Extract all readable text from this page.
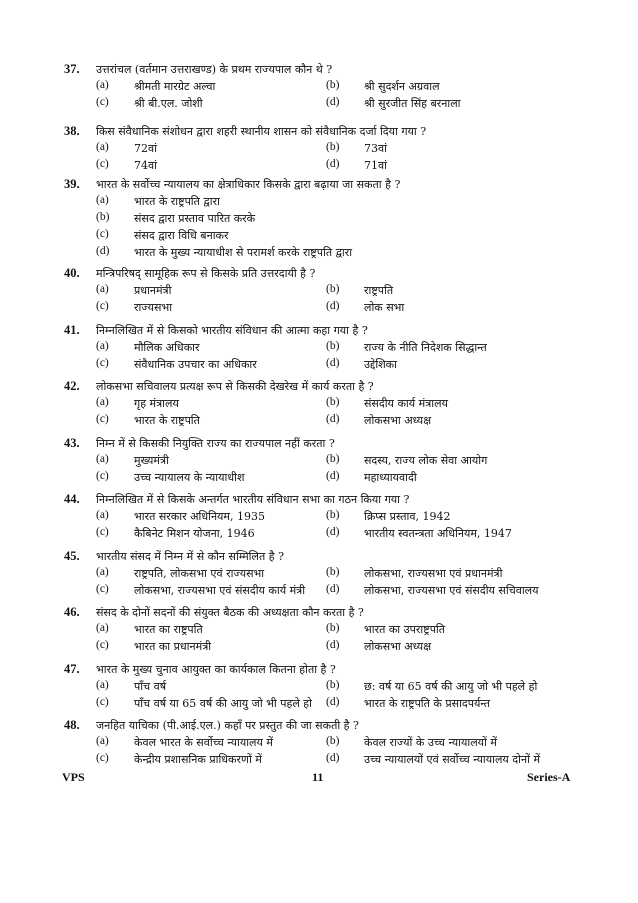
37. उत्तरांचल (वर्तमान उत्तराखण्ड) के प्रथम राज्यपाल कौन थे ?
(a) श्रीमती मारग्रेट अल्वा	(b) श्री सुदर्शन अग्रवाल
(c) श्री बी.एल. जोशी	(d) श्री सुरजीत सिंह बरनाला
38. किस संवैधानिक संशोधन द्वारा शहरी स्थानीय शासन को संवैधानिक दर्जा दिया गया ?
(a) 72वां	(b) 73वां
(c) 74वां	(d) 71वां
39. भारत के सर्वोच्च न्यायालय का क्षेत्राधिकार किसके द्वारा बढ़ाया जा सकता है ?
(a) भारत के राष्ट्रपति द्वारा
(b) संसद द्वारा प्रस्ताव पारित करके
(c) संसद द्वारा विधि बनाकर
(d) भारत के मुख्य न्यायाधीश से परामर्श करके राष्ट्रपति द्वारा
40. मन्त्रिपरिषद् सामूहिक रूप से किसके प्रति उत्तरदायी है ?
(a) प्रधानमंत्री	(b) राष्ट्रपति
(c) राज्यसभा	(d) लोक सभा
41. निम्नलिखित में से किसको भारतीय संविधान की आत्मा कहा गया है ?
(a) मौलिक अधिकार	(b) राज्य के नीति निदेशक सिद्धान्त
(c) संवैधानिक उपचार का अधिकार	(d) उद्देशिका
42. लोकसभा सचिवालय प्रत्यक्ष रूप से किसकी देखरेख में कार्य करता है ?
(a) गृह मंत्रालय	(b) संसदीय कार्य मंत्रालय
(c) भारत के राष्ट्रपति	(d) लोकसभा अध्यक्ष
43. निम्न में से किसकी नियुक्ति राज्य का राज्यपाल नहीं करता ?
(a) मुख्यमंत्री	(b) सदस्य, राज्य लोक सेवा आयोग
(c) उच्च न्यायालय के न्यायाधीश	(d) महाध्यायवादी
44. निम्नलिखित में से किसके अन्तर्गत भारतीय संविधान सभा का गठन किया गया ?
(a) भारत सरकार अधिनियम, 1935	(b) क्रिप्स प्रस्ताव, 1942
(c) कैबिनेट मिशन योजना, 1946	(d) भारतीय स्वतन्त्रता अधिनियम, 1947
45. भारतीय संसद में निम्न में से कौन सम्मिलित है ?
(a) राष्ट्रपति, लोकसभा एवं राज्यसभा	(b) लोकसभा, राज्यसभा एवं प्रधानमंत्री
(c) लोकसभा, राज्यसभा एवं संसदीय कार्य मंत्री (d) लोकसभा, राज्यसभा एवं संसदीय सचिवालय
46. संसद के दोनों सदनों की संयुक्त बैठक की अध्यक्षता कौन करता है ?
(a) भारत का राष्ट्रपति	(b) भारत का उपराष्ट्रपति
(c) भारत का प्रधानमंत्री	(d) लोकसभा अध्यक्ष
47. भारत के मुख्य चुनाव आयुक्त का कार्यकाल कितना होता है ?
(a) पाँच वर्ष	(b) छ: वर्ष या 65 वर्ष की आयु जो भी पहले हो
(c) पाँच वर्ष या 65 वर्ष की आयु जो भी पहले हो (d) भारत के राष्ट्रपति के प्रसादपर्यन्त
48. जनहित याचिका (पी.आई.एल.) कहाँ पर प्रस्तुत की जा सकती है ?
(a) केवल भारत के सर्वोच्च न्यायालय में	(b) केवल राज्यों के उच्च न्यायालयों में
(c) केन्द्रीय प्रशासनिक प्राधिकरणों में	(d) उच्च न्यायालयों एवं सर्वोच्च न्यायालय दोनों में
VPS	11	Series-A
